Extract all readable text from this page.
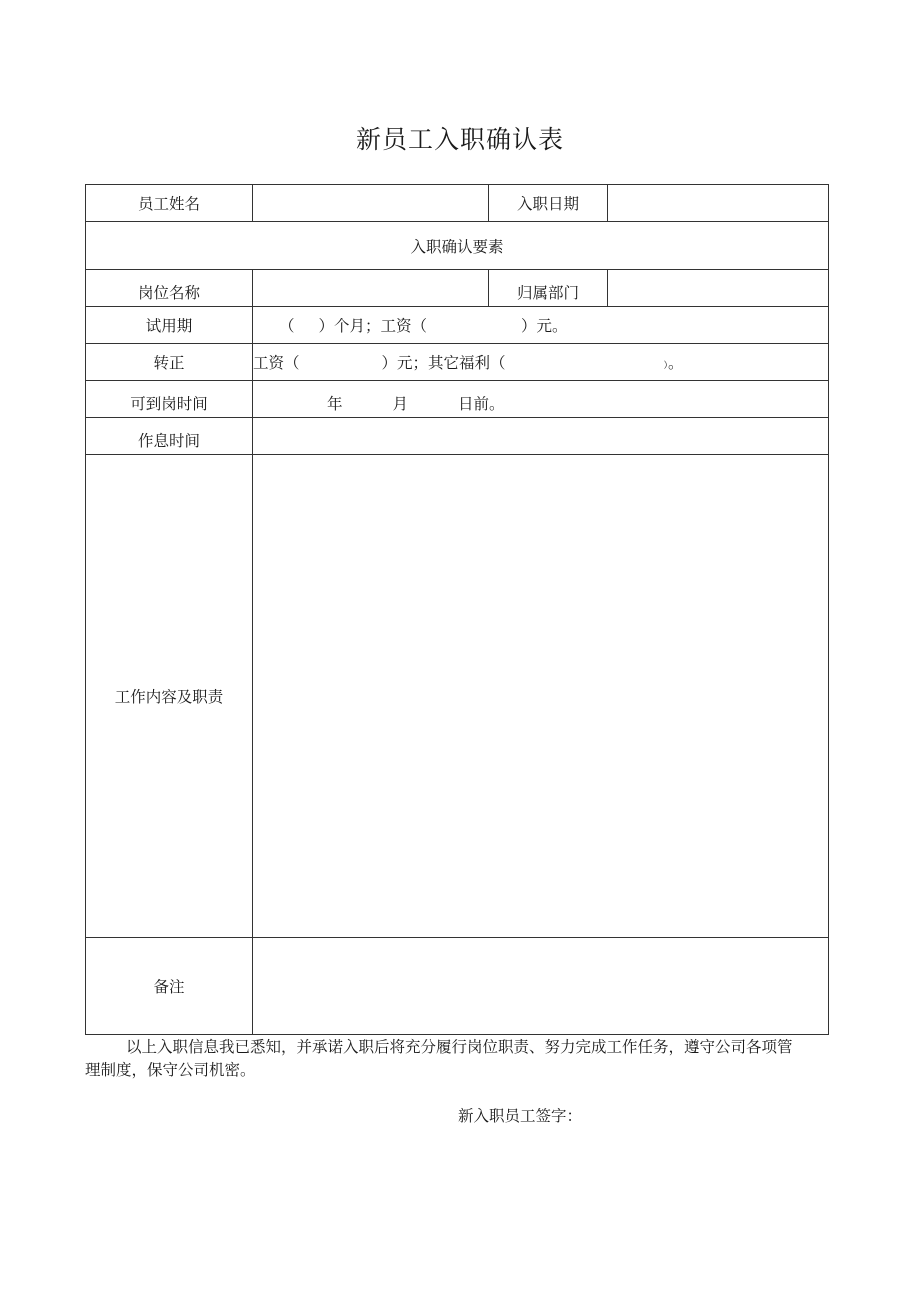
新员工入职确认表
员工姓名		入职日期	
入职确认要素			
岗位名称		归属部门	
试用期	（ ）个月；工资（ ）元。		
转正	工资（ ）元；其它福利（ ）。		
可到岗时间	年 月 日前。		
作息时间			
工作内容及职责			
备注			
以上入职信息我已悉知，并承诺入职后将充分履行岗位职责、努力完成工作任务，遵守公司各项管理制度，保守公司机密。
新入职员工签字：
